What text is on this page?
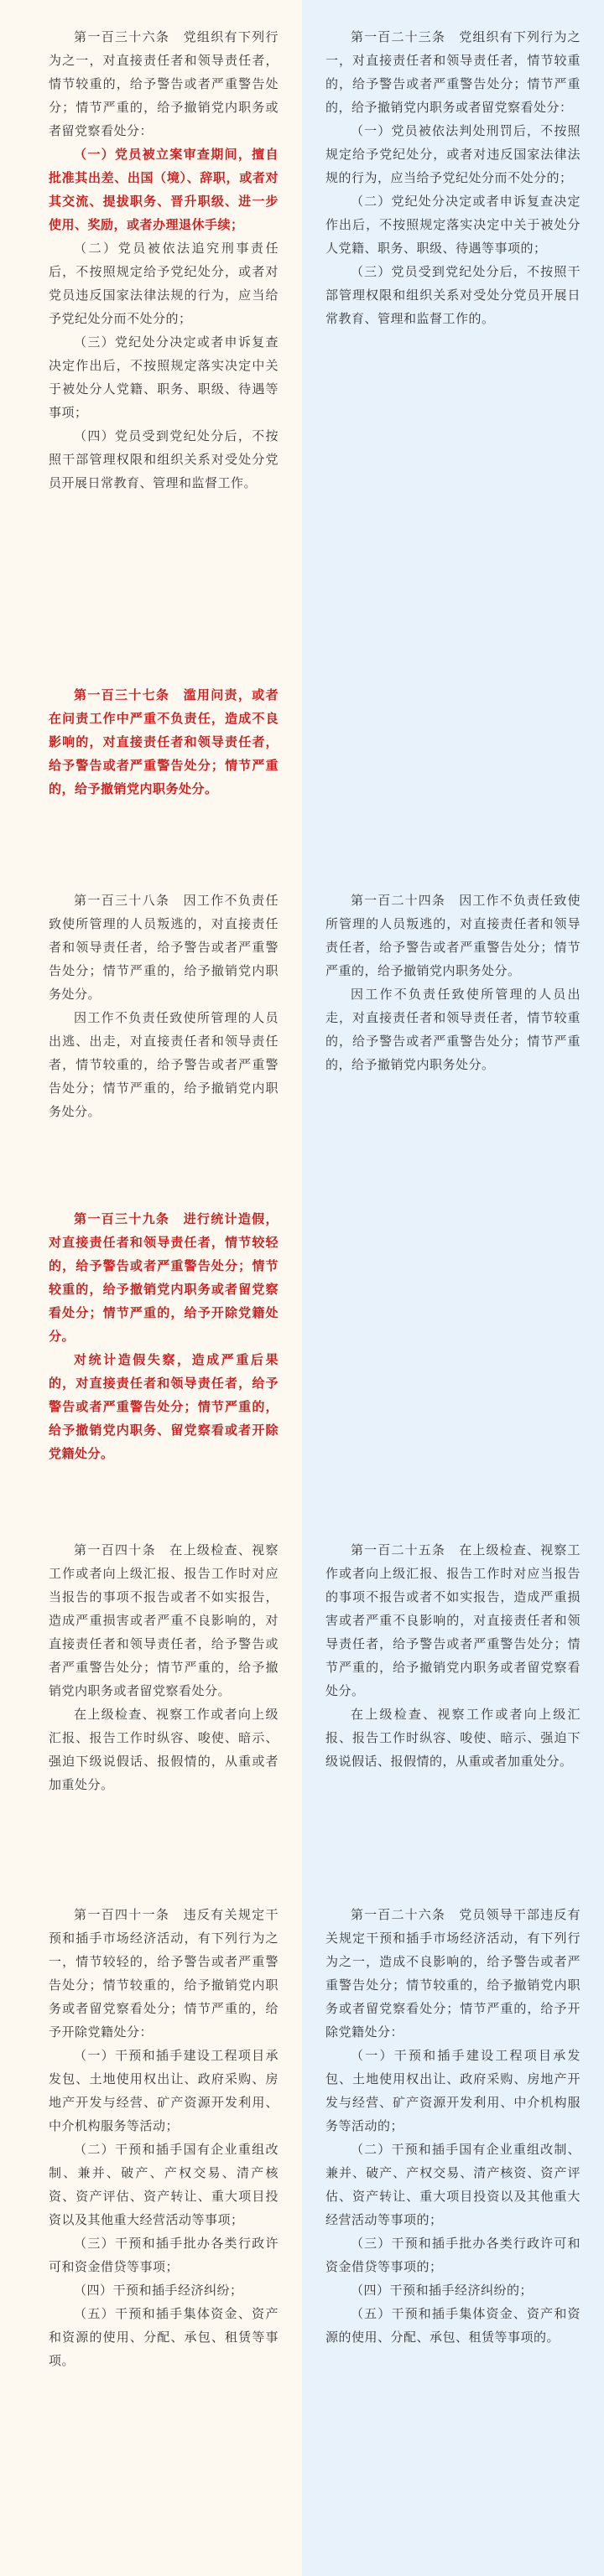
第一百三十六条　党组织有下列行为之一，对直接责任者和领导责任者，情节较重的，给予警告或者严重警告处分；情节严重的，给予撤销党内职务或者留党察看处分：

（一）党员被立案审查期间，擅自批准其出差、出国（境）、辞职，或者对其交流、提拔职务、晋升职级、进一步使用、奖励，或者办理退休手续；

（二）党员被依法追究刑事责任后，不按照规定给予党纪处分，或者对党员违反国家法律法规的行为，应当给予党纪处分而不处分的；

（三）党纪处分决定或者申诉复查决定作出后，不按照规定落实决定中关于被处分人党籍、职务、职级、待遇等事项；

（四）党员受到党纪处分后，不按照干部管理权限和组织关系对受处分党员开展日常教育、管理和监督工作。

第一百三十七条　滥用问责，或者在问责工作中严重不负责任，造成不良影响的，对直接责任者和领导责任者，给予警告或者严重警告处分；情节严重的，给予撤销党内职务处分。

第一百三十八条　因工作不负责任致使所管理的人员叛逃的，对直接责任者和领导责任者，给予警告或者严重警告处分；情节严重的，给予撤销党内职务处分。

因工作不负责任致使所管理的人员出逃、出走，对直接责任者和领导责任者，情节较重的，给予警告或者严重警告处分；情节严重的，给予撤销党内职务处分。

第一百三十九条　进行统计造假，对直接责任者和领导责任者，情节较轻的，给予警告或者严重警告处分；情节较重的，给予撤销党内职务或者留党察看处分；情节严重的，给予开除党籍处分。

对统计造假失察，造成严重后果的，对直接责任者和领导责任者，给予警告或者严重警告处分；情节严重的，给予撤销党内职务、留党察看或者开除党籍处分。

第一百四十条　在上级检查、视察工作或者向上级汇报、报告工作时对应当报告的事项不报告或者不如实报告，造成严重损害或者严重不良影响的，对直接责任者和领导责任者，给予警告或者严重警告处分；情节严重的，给予撤销党内职务或者留党察看处分。

在上级检查、视察工作或者向上级汇报、报告工作时纵容、唆使、暗示、强迫下级说假话、报假情的，从重或者加重处分。

第一百四十一条　违反有关规定干预和插手市场经济活动，有下列行为之一，情节较轻的，给予警告或者严重警告处分；情节较重的，给予撤销党内职务或者留党察看处分；情节严重的，给予开除党籍处分：

（一）干预和插手建设工程项目承发包、土地使用权出让、政府采购、房地产开发与经营、矿产资源开发利用、中介机构服务等活动；

（二）干预和插手国有企业重组改制、兼并、破产、产权交易、清产核资、资产评估、资产转让、重大项目投资以及其他重大经营活动等事项；

（三）干预和插手批办各类行政许可和资金借贷等事项；

（四）干预和插手经济纠纷；

（五）干预和插手集体资金、资产和资源的使用、分配、承包、租赁等事项。

第一百二十三条　党组织有下列行为之一，对直接责任者和领导责任者，情节较重的，给予警告或者严重警告处分；情节严重的，给予撤销党内职务或者留党察看处分：

（一）党员被依法判处刑罚后，不按照规定给予党纪处分，或者对违反国家法律法规的行为，应当给予党纪处分而不处分的；

（二）党纪处分决定或者申诉复查决定作出后，不按照规定落实决定中关于被处分人党籍、职务、职级、待遇等事项的；

（三）党员受到党纪处分后，不按照干部管理权限和组织关系对受处分党员开展日常教育、管理和监督工作的。

第一百二十四条　因工作不负责任致使所管理的人员叛逃的，对直接责任者和领导责任者，给予警告或者严重警告处分；情节严重的，给予撤销党内职务处分。

因工作不负责任致使所管理的人员出走，对直接责任者和领导责任者，情节较重的，给予警告或者严重警告处分；情节严重的，给予撤销党内职务处分。

第一百二十五条　在上级检查、视察工作或者向上级汇报、报告工作时对应当报告的事项不报告或者不如实报告，造成严重损害或者严重不良影响的，对直接责任者和领导责任者，给予警告或者严重警告处分；情节严重的，给予撤销党内职务或者留党察看处分。

在上级检查、视察工作或者向上级汇报、报告工作时纵容、唆使、暗示、强迫下级说假话、报假情的，从重或者加重处分。

第一百二十六条　党员领导干部违反有关规定干预和插手市场经济活动，有下列行为之一，造成不良影响的，给予警告或者严重警告处分；情节较重的，给予撤销党内职务或者留党察看处分；情节严重的，给予开除党籍处分：

（一）干预和插手建设工程项目承发包、土地使用权出让、政府采购、房地产开发与经营、矿产资源开发利用、中介机构服务等活动的；

（二）干预和插手国有企业重组改制、兼并、破产、产权交易、清产核资、资产评估、资产转让、重大项目投资以及其他重大经营活动等事项的；

（三）干预和插手批办各类行政许可和资金借贷等事项的；

（四）干预和插手经济纠纷的；

（五）干预和插手集体资金、资产和资源的使用、分配、承包、租赁等事项的。
